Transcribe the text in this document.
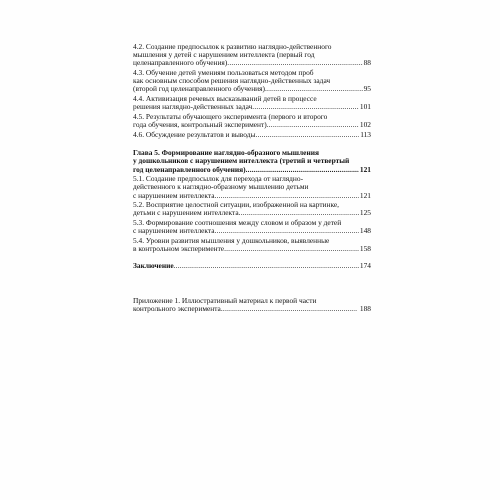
4.2. Создание предпосылок к развитию наглядно-действенного
мышления у детей с нарушением интеллекта (первый год
целенаправленного обучения) .....	88
4.3. Обучение детей умениям пользоваться методом проб
как основным способом решения наглядно-действенных задач
(второй год целенаправленного обучения) .....	95
4.4. Активизация речевых высказываний детей в процессе
решения наглядно-действенных задач .....	101
4.5. Результаты обучающего эксперимента (первого и второго
года обучения, контрольный эксперимент) .....	102
4.6. Обсуждение результатов и выводы .....	113
Глава 5. Формирование наглядно-образного мышления
у дошкольников с нарушением интеллекта (третий и четвертый
год целенаправленного обучения) .....	121
5.1. Создание предпосылок для перехода от наглядно-
действенного к наглядно-образному мышлению детьми
с нарушением интеллекта .....	121
5.2. Восприятие целостной ситуации, изображенной на картинке,
детьми с нарушением интеллекта .....	125
5.3. Формирование соотношения между словом и образом у детей
с нарушением интеллекта .....	148
5.4. Уровни развития мышления у дошкольников, выявленные
в контрольном эксперименте .....	158
Заключение .....	174
Приложение 1. Иллюстративный материал к первой части
контрольного эксперимента .....	188
